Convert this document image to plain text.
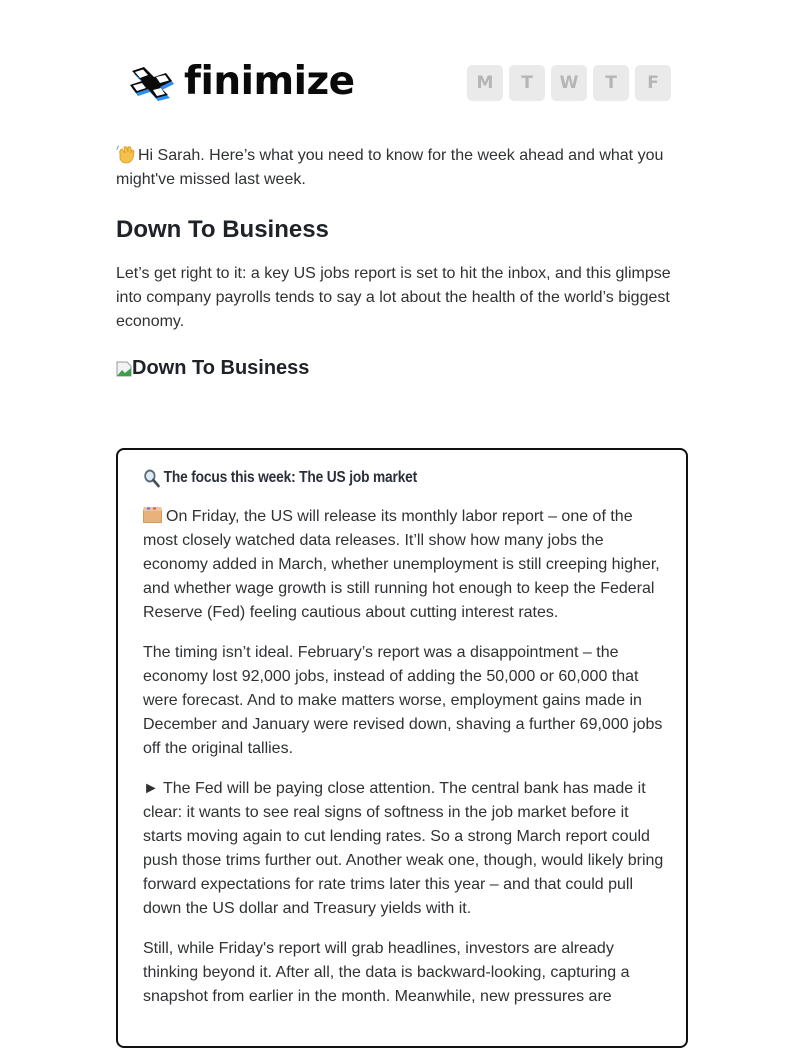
finimize	M	T	W	T	F
Hi Sarah. Here’s what you need to know for the week ahead and what you might've missed last week.
Down To Business
Let’s get right to it: a key US jobs report is set to hit the inbox, and this glimpse into company payrolls tends to say a lot about the health of the world’s biggest economy.
Down To Business
The focus this week: The US job market

On Friday, the US will release its monthly labor report – one of the most closely watched data releases. It’ll show how many jobs the economy added in March, whether unemployment is still creeping higher, and whether wage growth is still running hot enough to keep the Federal Reserve (Fed) feeling cautious about cutting interest rates.

The timing isn’t ideal. February’s report was a disappointment – the economy lost 92,000 jobs, instead of adding the 50,000 or 60,000 that were forecast. And to make matters worse, employment gains made in December and January were revised down, shaving a further 69,000 jobs off the original tallies.

► The Fed will be paying close attention. The central bank has made it clear: it wants to see real signs of softness in the job market before it starts moving again to cut lending rates. So a strong March report could push those trims further out. Another weak one, though, would likely bring forward expectations for rate trims later this year – and that could pull down the US dollar and Treasury yields with it.

Still, while Friday's report will grab headlines, investors are already thinking beyond it. After all, the data is backward-looking, capturing a snapshot from earlier in the month. Meanwhile, new pressures are
